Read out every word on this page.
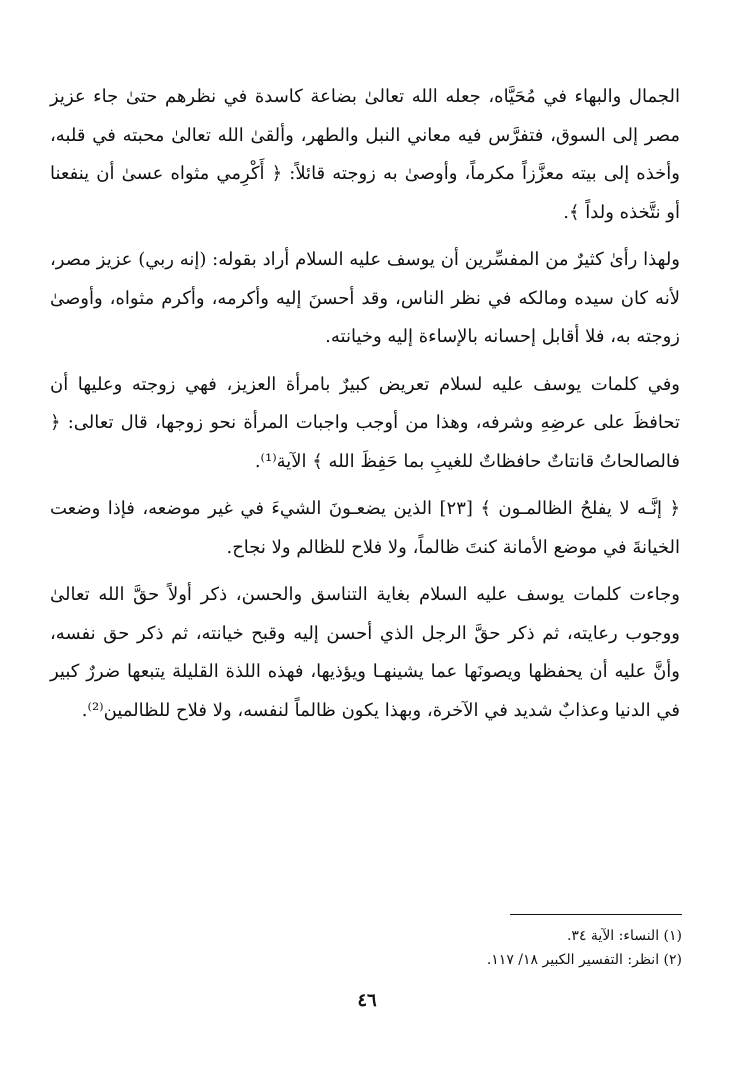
الجمال والبهاء في مُحَيَّاه، جعله الله تعالىٰ بضاعة كاسدة في نظرهم حتىٰ جاء عزيز مصر إلى السوق، فتفرَّس فيه معاني النبل والطهر، وألقىٰ الله تعالىٰ محبته في قلبه، وأخذه إلى بيته معزَّزاً مكرماً، وأوصىٰ به زوجته قائلاً: ﴿ أَكْرِمي مثواه عسىٰ أن ينفعنا أو نتَّخذه ولداً ﴾.

ولهذا رأىٰ كثيرٌ من المفسِّرين أن يوسف عليه السلام أراد بقوله: (إنه ربي) عزيز مصر، لأنه كان سيده ومالكه في نظر الناس، وقد أحسنَ إليه وأكرمه، وأكرم مثواه، وأوصىٰ زوجته به، فلا أقابل إحسانه بالإساءة إليه وخيانته.

وفي كلمات يوسف عليه لسلام تعريض كبيرٌ بامرأة العزيز، فهي زوجته وعليها أن تحافظَ على عرضِهِ وشرفه، وهذا من أوجب واجبات المرأة نحو زوجها، قال تعالى: ﴿ فالصالحاتُ قانتاتٌ حافظاتٌ للغيبِ بما حَفِظَ الله ﴾ الآية⁽¹⁾.

﴿ إنَّـه لا يفلحُ الظالمـون ﴾ [٢٣] الذين يضعـونَ الشيءَ في غير موضعه، فإذا وضعت الخيانةَ في موضع الأمانة كنتَ ظالماً، ولا فلاح للظالم ولا نجاح.

وجاءت كلمات يوسف عليه السلام بغاية التناسق والحسن، ذكر أولاً حقَّ الله تعالىٰ ووجوب رعايته، ثم ذكر حقَّ الرجل الذي أحسن إليه وقبح خيانته، ثم ذكر حق نفسه، وأنَّ عليه أن يحفظها ويصونَها عما يشينهـا ويؤذيها، فهذه اللذة القليلة يتبعها ضررٌ كبير في الدنيا وعذابٌ شديد في الآخرة، وبهذا يكون ظالماً لنفسه، ولا فلاح للظالمين⁽²⁾.

(١) النساء: الآية ٣٤.

(٢) انظر: التفسير الكبير ١٨/ ١١٧.

٤٦
